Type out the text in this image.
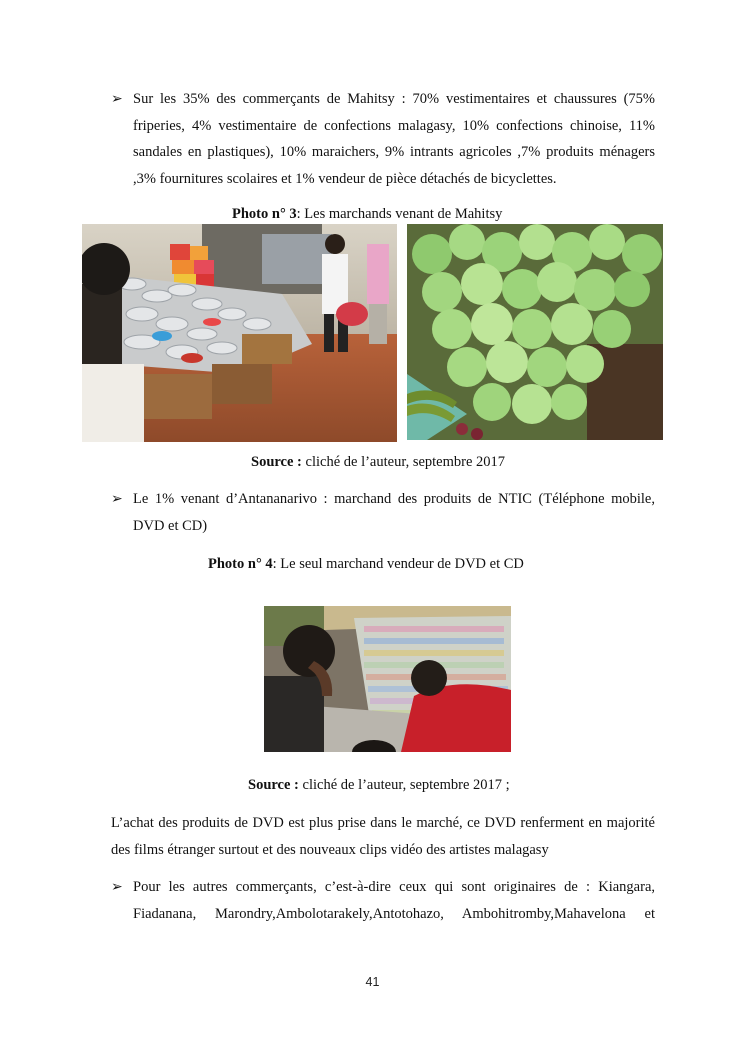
➢ Sur les 35% des commerçants de Mahitsy : 70% vestimentaires et chaussures (75% friperies, 4% vestimentaire de confections malagasy, 10% confections chinoise, 11% sandales en plastiques), 10% maraichers, 9% intrants agricoles ,7% produits ménagers ,3% fournitures scolaires et 1% vendeur de pièce détachés de bicyclettes.
Photo n° 3: Les marchands venant de Mahitsy
Source : cliché de l’auteur, septembre 2017
➢ Le 1% venant d’Antananarivo : marchand des produits de NTIC (Téléphone mobile, DVD et CD)
Photo n° 4: Le seul marchand vendeur de DVD et CD
Source : cliché de l’auteur, septembre 2017 ;
L’achat des produits de DVD est plus prise dans le marché, ce DVD renferment en majorité des films étranger surtout et des nouveaux clips vidéo des artistes malagasy
➢ Pour les autres commerçants, c’est-à-dire ceux qui sont originaires de : Kiangara, Fiadanana, Marondry,Ambolotarakely,Antotohazo, Ambohitromby,Mahavelona et
41
